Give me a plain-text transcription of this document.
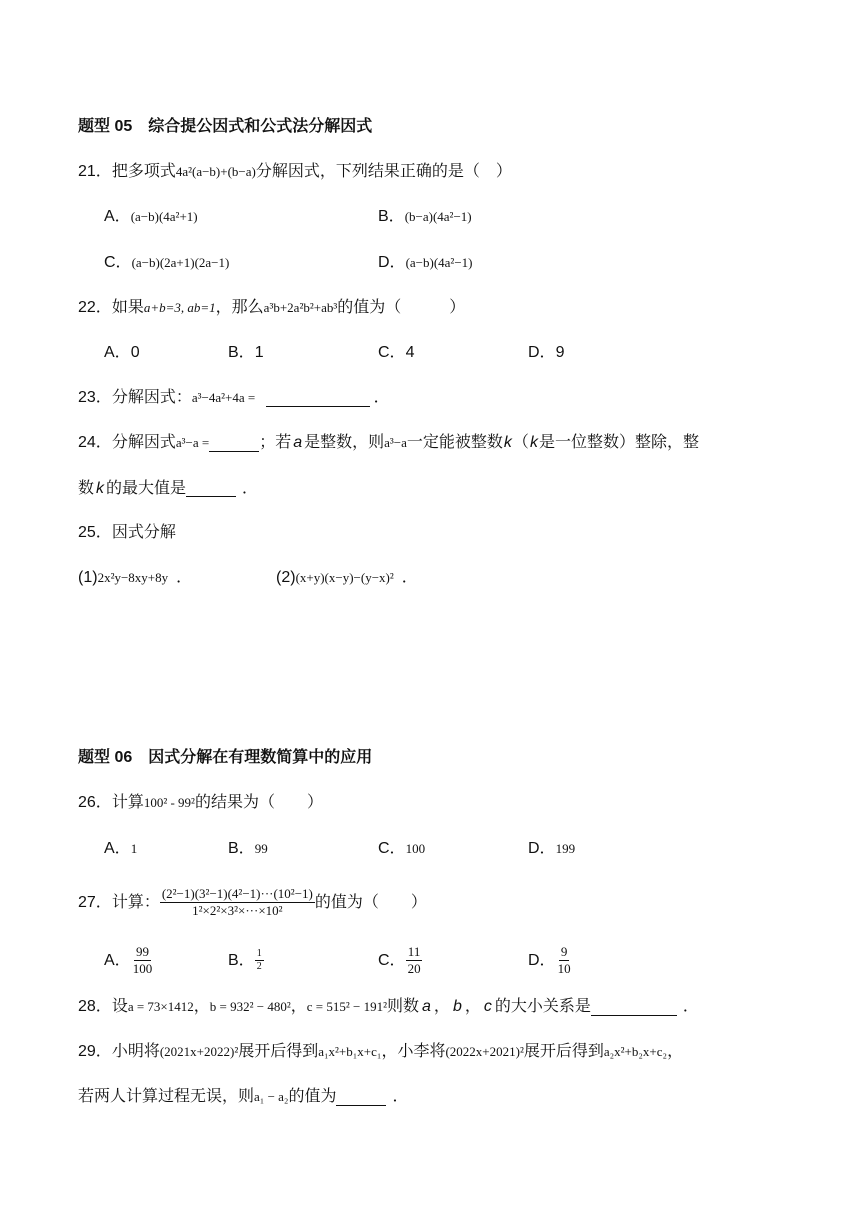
题型 05　综合提公因式和公式法分解因式
21．把多项式4a²(a−b)+(b−a)分解因式，下列结果正确的是（　）
A．(a−b)(4a²+1)	B．(b−a)(4a²−1)
C．(a−b)(2a+1)(2a−1)	D．(a−b)(4a²−1)
22．如果a+b=3, ab=1，那么a³b+2a²b²+ab³的值为（　　　）
A．0	B．1	C．4	D．9
23．分解因式：a³−4a²+4a =	．
24．分解因式a³−a =	；若 a 是整数，则a³−a一定能被整数k（k是一位整数）整除，整
数 k 的最大值是	．
25．因式分解
(1)2x²y−8xy+8y ．	(2)(x+y)(x−y)−(y−x)² ．
题型 06　因式分解在有理数简算中的应用
26．计算100² - 99²的结果为（　　）
A．1	B．99	C．100	D．199
27．计算： $\frac{\text{(2²−1)(3²−1)(4²−1)···(10²−1)}}{\text{1²×2²×3²×···×10²}}$ 的值为（　　）
A． $\frac{99}{100}$	B． $\frac{1}{2}$	C． $\frac{11}{20}$	D． $\frac{9}{10}$
28．设a = 73×1412，b = 932² − 480²，c = 515² − 191²则数 a ， b ， c 的大小关系是	．
29．小明将(2021x+2022)²展开后得到a₁x²+b₁x+c₁，小李将(2022x+2021)²展开后得到a₂x²+b₂x+c₂，
若两人计算过程无误，则a₁ − a₂的值为	．
